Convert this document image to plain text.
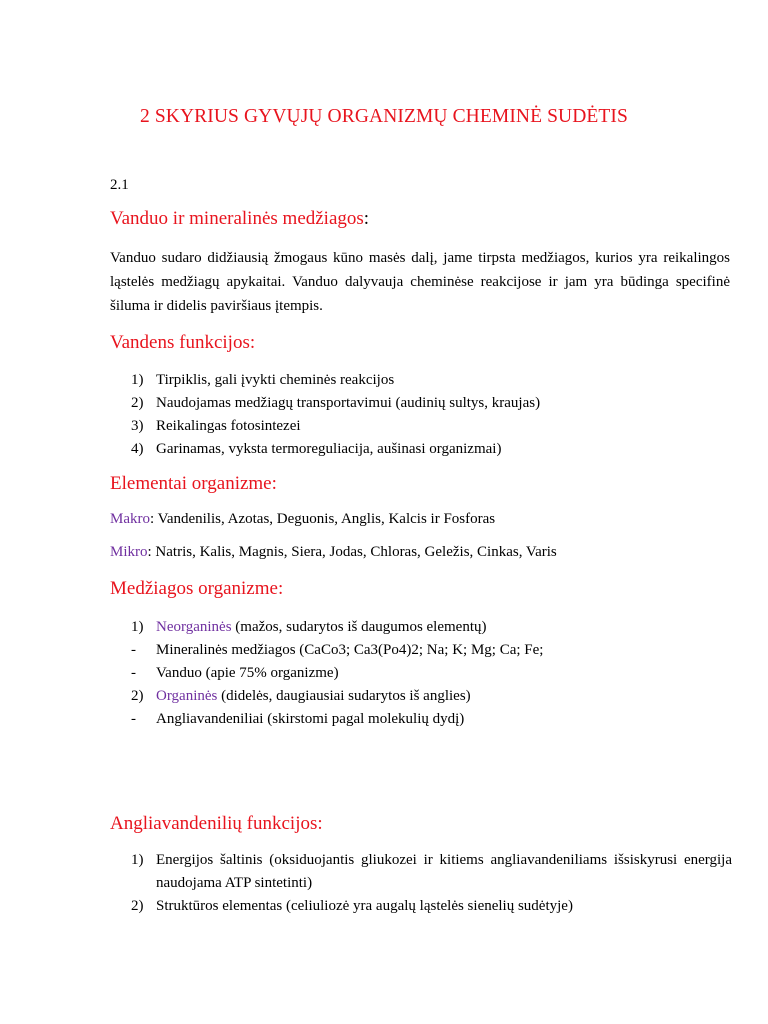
2 SKYRIUS GYVŲJŲ ORGANIZMŲ CHEMINĖ SUDĖTIS
2.1
Vanduo ir mineralinės medžiagos:
Vanduo sudaro didžiausią žmogaus kūno masės dalį, jame tirpsta medžiagos, kurios yra reikalingos ląstelės medžiagų apykaitai. Vanduo dalyvauja cheminėse reakcijose ir jam yra būdinga specifinė šiluma ir didelis paviršiaus įtempis.
Vandens funkcijos:
1) Tirpiklis, gali įvykti cheminės reakcijos
2) Naudojamas medžiagų transportavimui (audinių sultys, kraujas)
3) Reikalingas fotosintezei
4) Garinamas, vyksta termoreguliacija, aušinasi organizmai)
Elementai organizme:
Makro: Vandenilis, Azotas, Deguonis, Anglis, Kalcis ir Fosforas
Mikro: Natris, Kalis, Magnis, Siera, Jodas, Chloras, Geležis, Cinkas, Varis
Medžiagos organizme:
1) Neorganinės (mažos, sudarytos iš daugumos elementų)
- Mineralinės medžiagos (CaCo3; Ca3(Po4)2; Na; K; Mg; Ca; Fe;
- Vanduo (apie 75% organizme)
2) Organinės (didelės, daugiausiai sudarytos iš anglies)
- Angliavandeniliai (skirstomi pagal molekulių dydį)
Angliavandenilių funkcijos:
1) Energijos šaltinis (oksiduojantis gliukozei ir kitiems angliavandeniliams išsiskyrusi energija naudojama ATP sintetinti)
2) Struktūros elementas (celiuliozė yra augalų ląstelės sienelių sudėtyje)
